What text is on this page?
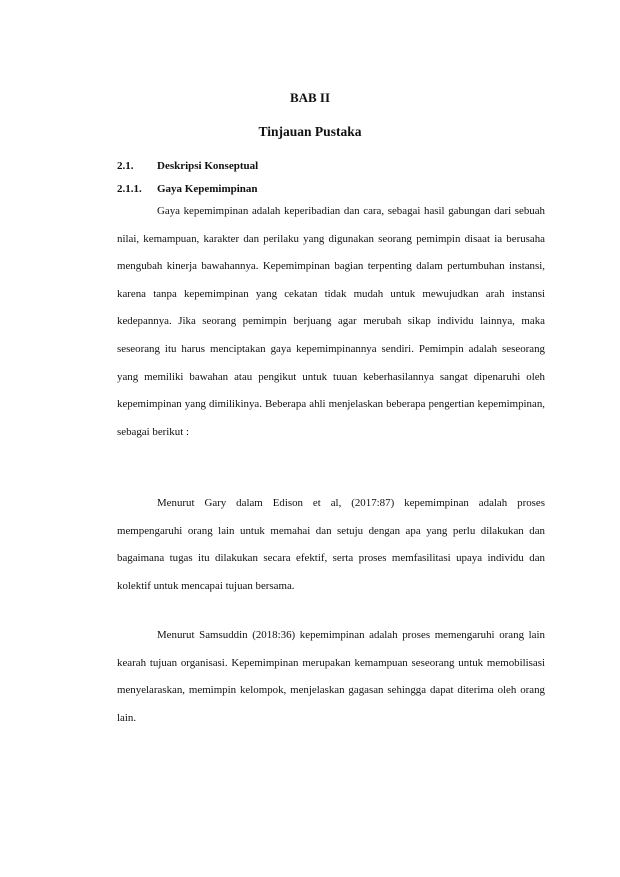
BAB II
Tinjauan Pustaka
2.1. Deskripsi Konseptual
2.1.1. Gaya Kepemimpinan

Gaya kepemimpinan adalah keperibadian dan cara, sebagai hasil gabungan dari sebuah nilai, kemampuan, karakter dan perilaku yang digunakan seorang pemimpin disaat ia berusaha mengubah kinerja bawahannya. Kepemimpinan bagian terpenting dalam pertumbuhan instansi, karena tanpa kepemimpinan yang cekatan tidak mudah untuk mewujudkan arah instansi kedepannya. Jika seorang pemimpin berjuang agar merubah sikap individu lainnya, maka seseorang itu harus menciptakan gaya kepemimpinannya sendiri. Pemimpin adalah seseorang yang memiliki bawahan atau pengikut untuk tuuan keberhasilannya sangat dipenaruhi oleh kepemimpinan yang dimilikinya. Beberapa ahli menjelaskan beberapa pengertian kepemimpinan, sebagai berikut :

Menurut Gary dalam Edison et al, (2017:87) kepemimpinan adalah proses mempengaruhi orang lain untuk memahai dan setuju dengan apa yang perlu dilakukan dan bagaimana tugas itu dilakukan secara efektif, serta proses memfasilitasi upaya individu dan kolektif untuk mencapai tujuan bersama.

Menurut Samsuddin (2018:36) kepemimpinan adalah proses memengaruhi orang lain kearah tujuan organisasi. Kepemimpinan merupakan kemampuan seseorang untuk memobilisasi menyelaraskan, memimpin kelompok, menjelaskan gagasan sehingga dapat diterima oleh orang lain.
